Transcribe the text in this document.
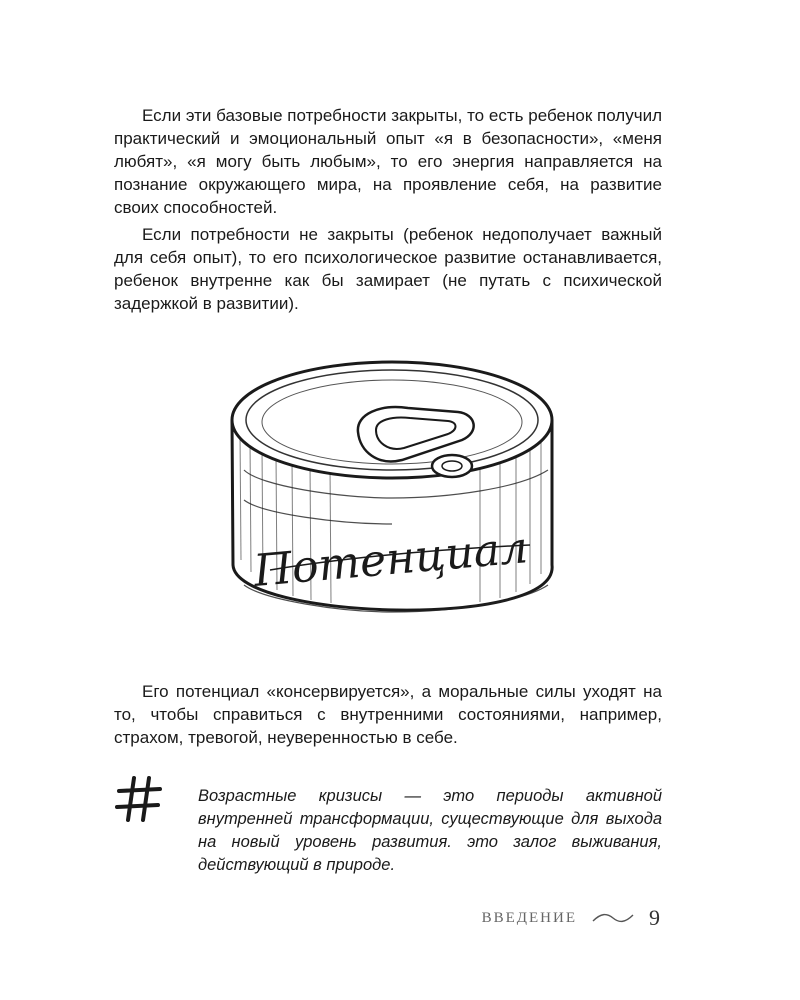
Если эти базовые потребности закрыты, то есть ребенок получил практический и эмоциональный опыт «я в безопасности», «меня любят», «я могу быть любым», то его энергия направляется на познание окружающего мира, на проявление себя, на развитие своих способностей.

Если потребности не закрыты (ребенок недополучает важный для себя опыт), то его психологическое развитие останавливается, ребенок внутренне как бы замирает (не путать с психической задержкой в развитии).

Потенциал

Его потенциал «консервируется», а моральные силы уходят на то, чтобы справиться с внутренними состояниями, например, страхом, тревогой, неуверенностью в себе.

Возрастные кризисы — это периоды активной внутренней трансформации, существующие для выхода на новый уровень развития. это залог выживания, действующий в природе.

ВВЕДЕНИЕ	9
